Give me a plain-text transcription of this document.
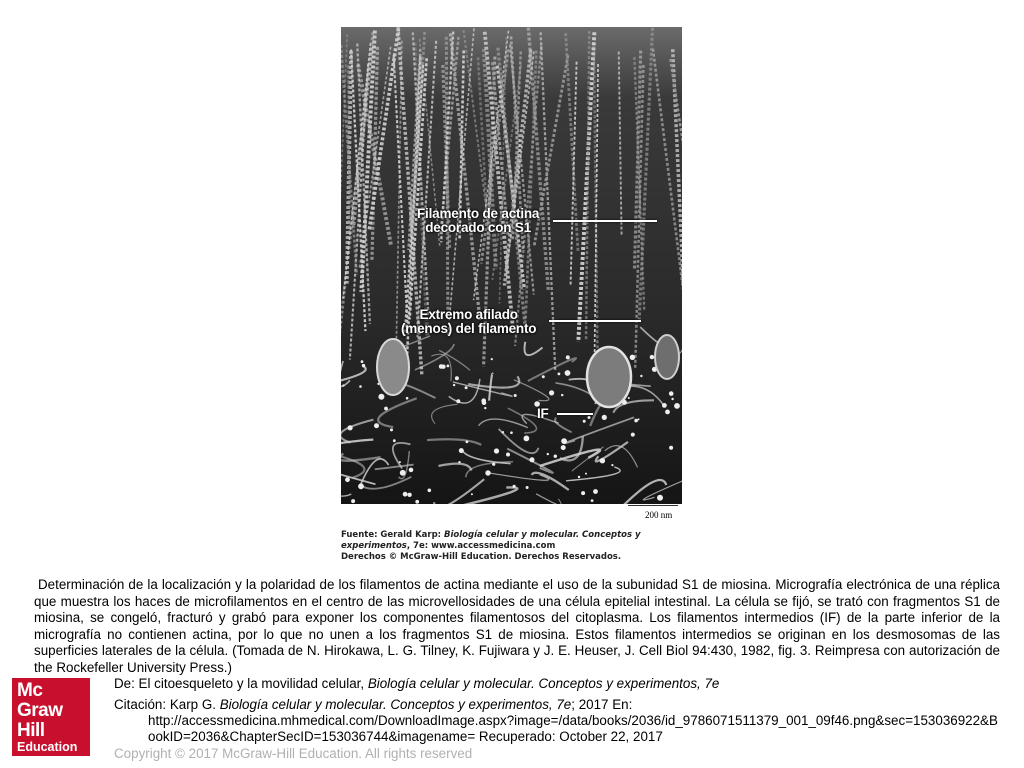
Filamento de actina
decorado con S1
Extremo afilado
(menos) del filamento
IF
200 nm
Fuente: Gerald Karp: Biología celular y molecular. Conceptos y experimentos, 7e: www.accessmedicina.com
Derechos © McGraw-Hill Education. Derechos Reservados.
Determinación de la localización y la polaridad de los filamentos de actina mediante el uso de la subunidad S1 de miosina. Micrografía electrónica de una réplica que muestra los haces de microfilamentos en el centro de las microvellosidades de una célula epitelial intestinal. La célula se fijó, se trató con fragmentos S1 de miosina, se congeló, fracturó y grabó para exponer los componentes filamentosos del citoplasma. Los filamentos intermedios (IF) de la parte inferior de la micrografía no contienen actina, por lo que no unen a los fragmentos S1 de miosina. Estos filamentos intermedios se originan en los desmosomas de las superficies laterales de la célula. (Tomada de N. Hirokawa, L. G. Tilney, K. Fujiwara y J. E. Heuser, J. Cell Biol 94:430, 1982, fig. 3. Reimpresa con autorización de the Rockefeller University Press.)
Mc
Graw
Hill
Education
De: El citoesqueleto y la movilidad celular, Biología celular y molecular. Conceptos y experimentos, 7e
Citación: Karp G. Biología celular y molecular. Conceptos y experimentos, 7e; 2017 En:
http://accessmedicina.mhmedical.com/DownloadImage.aspx?image=/data/books/2036/id_9786071511379_001_09f46.png&sec=153036922&BookID=2036&ChapterSecID=153036744&imagename= Recuperado: October 22, 2017
Copyright © 2017 McGraw-Hill Education. All rights reserved
